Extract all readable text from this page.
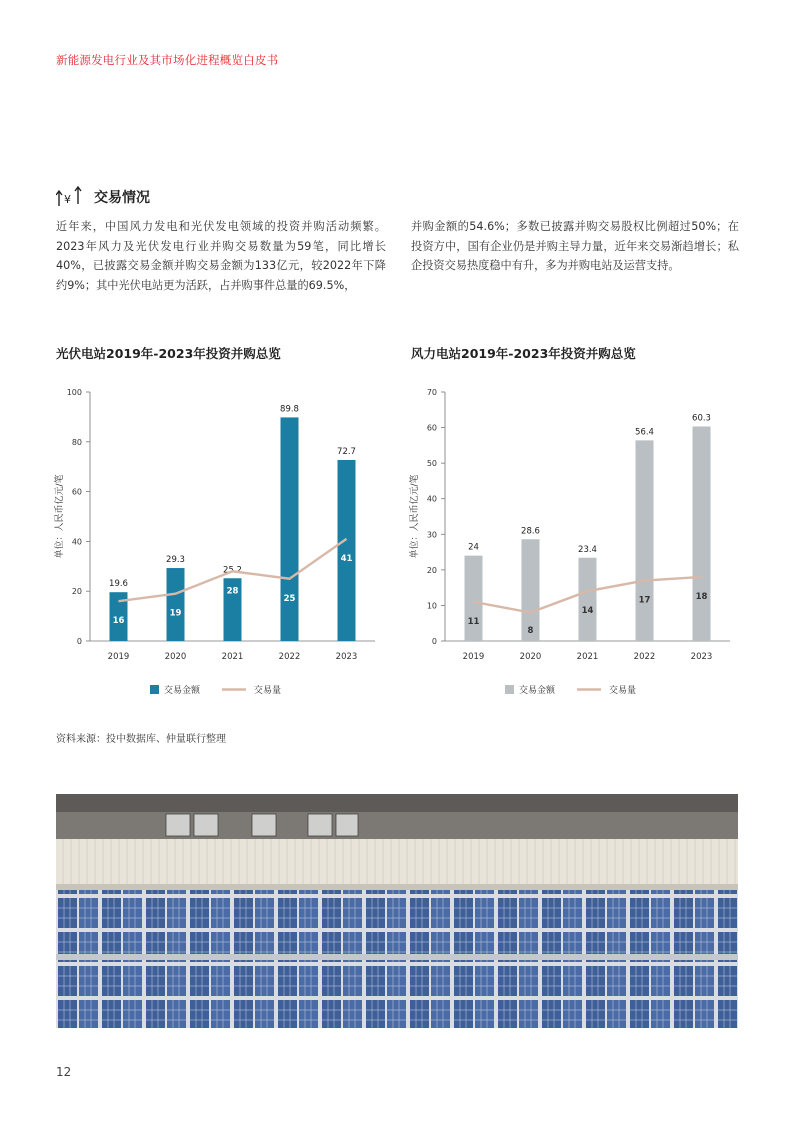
新能源发电行业及其市场化进程概览白皮书
¥ 交易情况
近年来，中国风力发电和光伏发电领域的投资并购活动频繁。2023年风力及光伏发电行业并购交易数量为59笔，同比增长40%，已披露交易金额并购交易金额为133亿元，较2022年下降约9%；其中光伏电站更为活跃，占并购事件总量的69.5%，
并购金额的54.6%；多数已披露并购交易股权比例超过50%；在投资方中，国有企业仍是并购主导力量，近年来交易渐趋增长；私企投资交易热度稳中有升，多为并购电站及运营支持。
光伏电站2019年-2023年投资并购总览	风力电站2019年-2023年投资并购总览
0
20
40
60
80
100
单位：人民币亿元/笔
19.6
29.3
25.2
89.8
72.7
2019	2020	2021	2022	2023
16
19
28
25
41
交易金额	交易量
0
10
20
30
40
50
60
70
单位：人民币亿元/笔	24
28.6
23.4
56.4
60.3
2019	2020	2021	2022	2023
11
8
14
17	18
交易金额	交易量
资料来源：投中数据库、仲量联行整理
12
